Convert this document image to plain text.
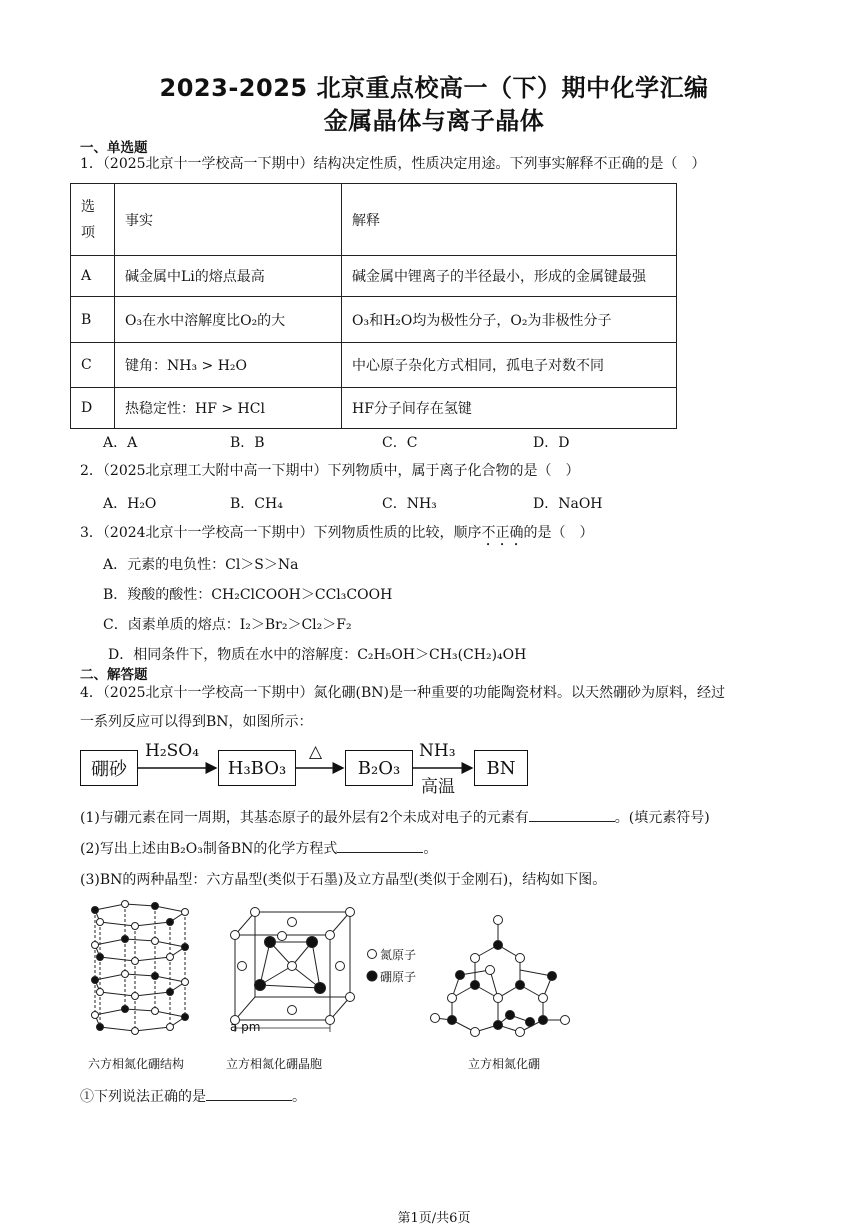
2023-2025 北京重点校高一（下）期中化学汇编
金属晶体与离子晶体
一、单选题
1．（2025北京十一学校高一下期中）结构决定性质，性质决定用途。下列事实解释不正确的是（　）
选
项	事实	解释
A	碱金属中Li的熔点最高	碱金属中锂离子的半径最小，形成的金属键最强
B	O₃在水中溶解度比O₂的大	O₃和H₂O均为极性分子，O₂为非极性分子
C	键角：NH₃ > H₂O	中心原子杂化方式相同，孤电子对数不同
D	热稳定性：HF > HCl	HF分子间存在氢键
A．A	B．B	C．C	D．D
2．（2025北京理工大附中高一下期中）下列物质中，属于离子化合物的是（　）
A．H₂O	B．CH₄	C．NH₃	D．NaOH
3．（2024北京十一学校高一下期中）下列物质性质的比较，顺序不正确的是（　）
A．元素的电负性：Cl＞S＞Na
B．羧酸的酸性：CH₂ClCOOH＞CCl₃COOH
C．卤素单质的熔点：I₂＞Br₂＞Cl₂＞F₂
D．相同条件下，物质在水中的溶解度：C₂H₅OH＞CH₃(CH₂)₄OH
二、解答题
4．（2025北京十一学校高一下期中）氮化硼(BN)是一种重要的功能陶瓷材料。以天然硼砂为原料，经过
一系列反应可以得到BN，如图所示：
硼砂	H₃BO₃	B₂O₃	BN
H₂SO₄	△	NH₃
高温
(1)与硼元素在同一周期，其基态原子的最外层有2个未成对电子的元素有	。(填元素符号)
(2)写出上述由B₂O₃制备BN的化学方程式	。
(3)BN的两种晶型：六方晶型(类似于石墨)及立方晶型(类似于金刚石)，结构如下图。
a pm
氮原子
硼原子
六方相氮化硼结构	立方相氮化硼晶胞	立方相氮化硼
①下列说法正确的是	。
第1页/共6页
